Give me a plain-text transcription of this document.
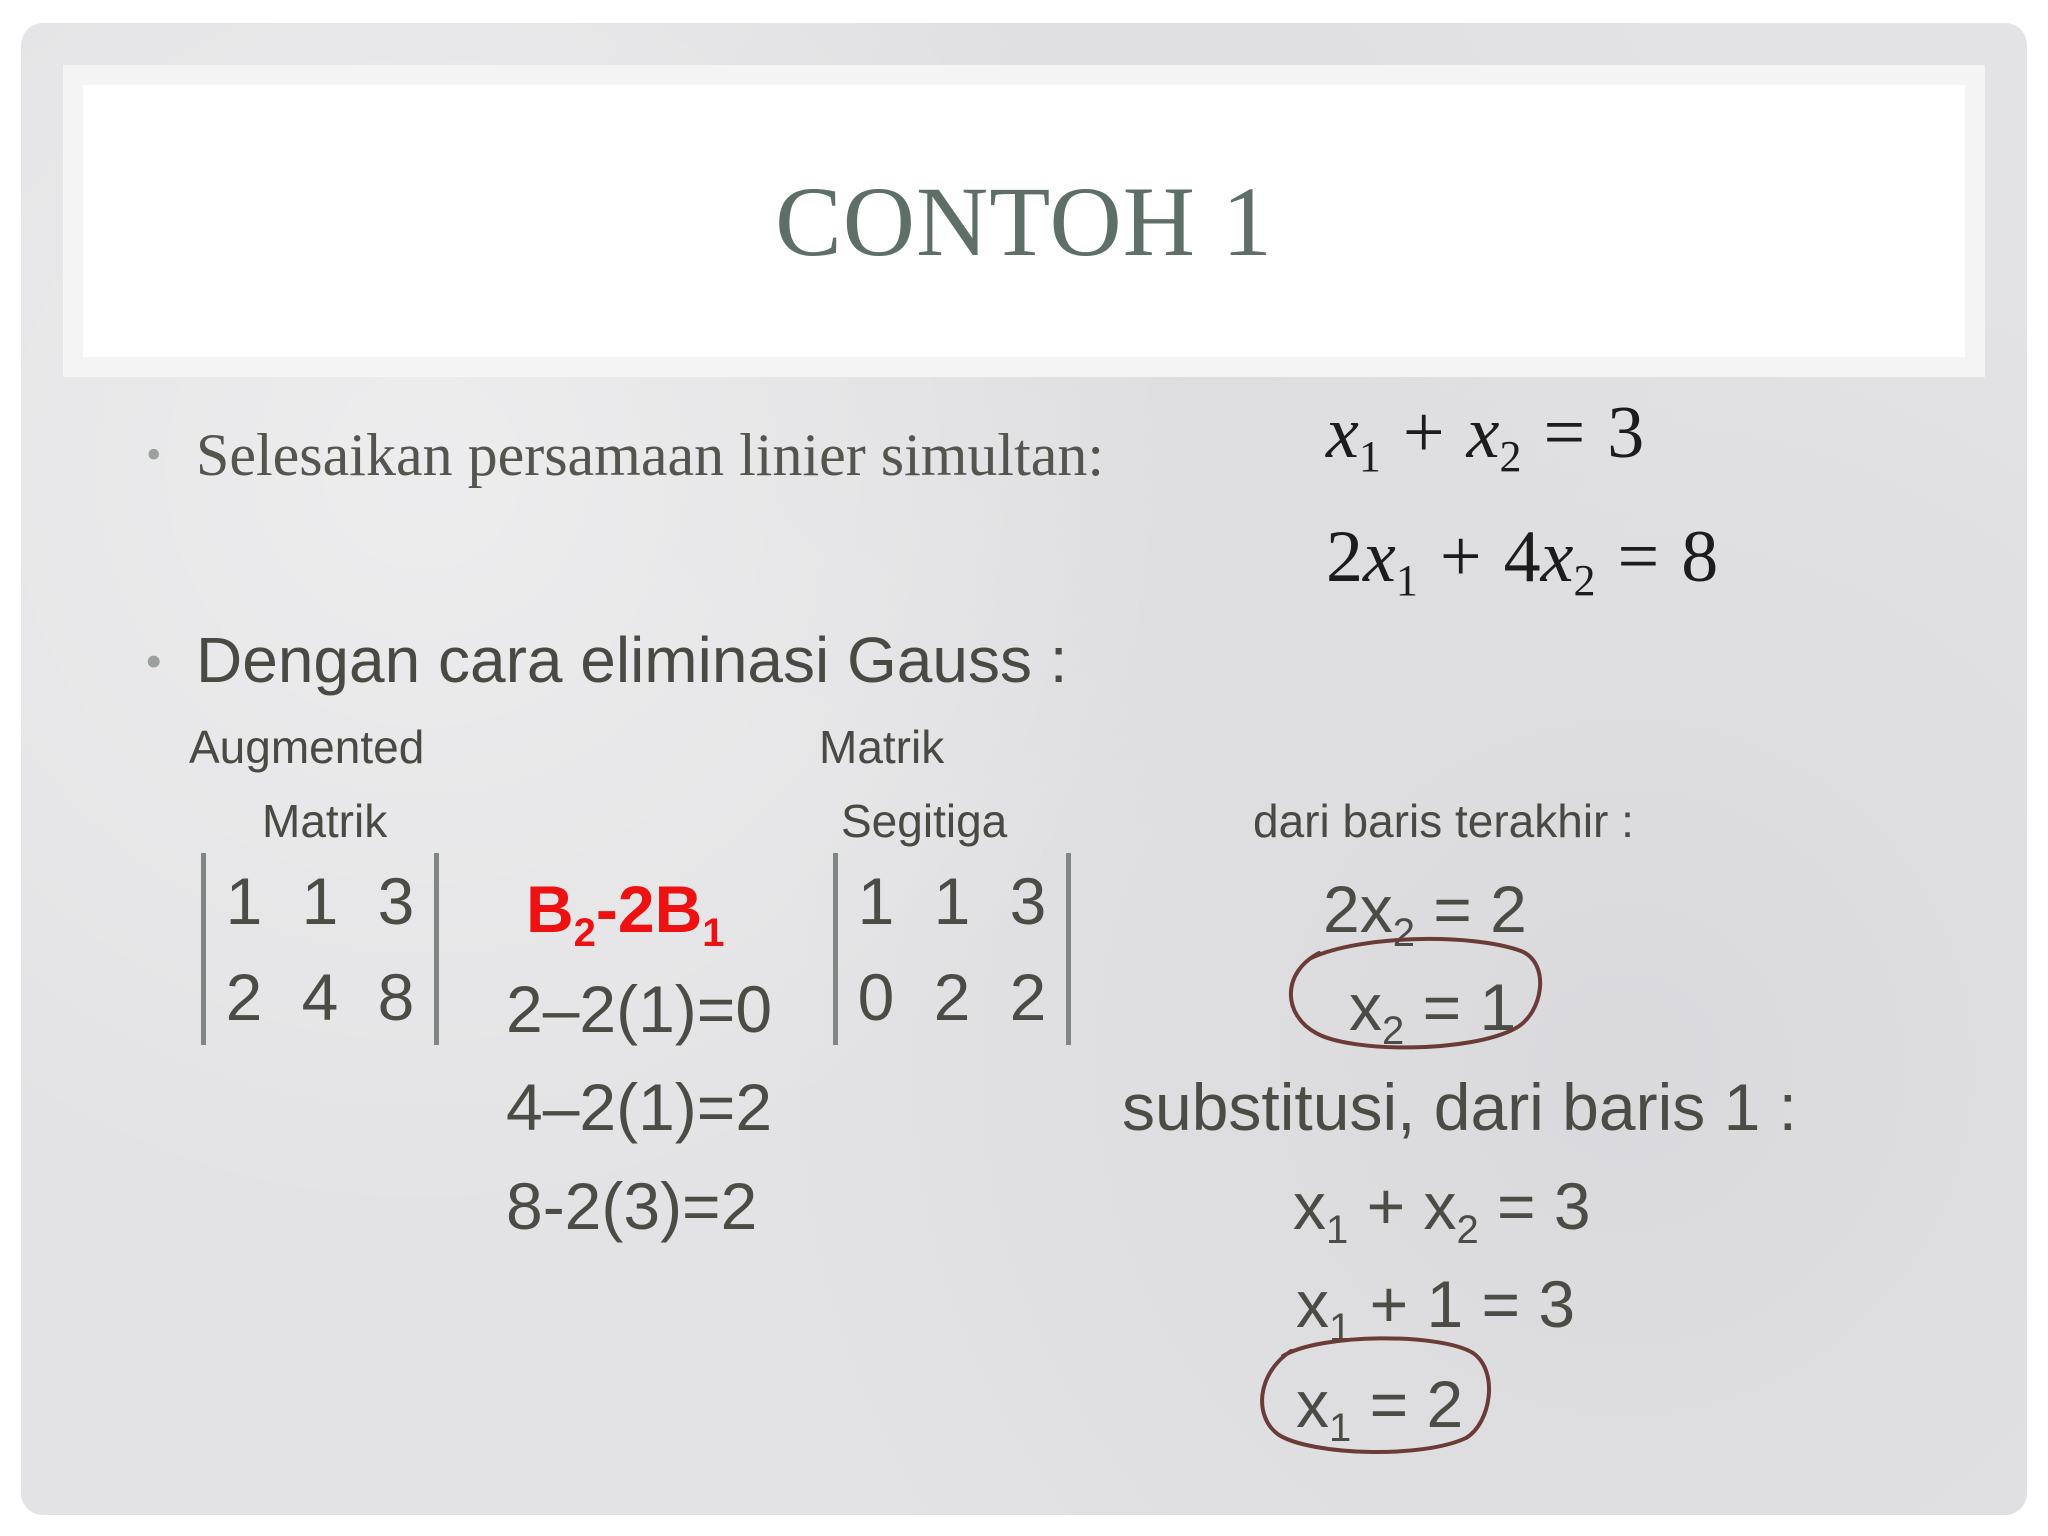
CONTOH 1
• Selesaikan persamaan linier simultan:	$x_1 + x_2 = 3$
$2x_1 + 4x_2 = 8$
• Dengan cara eliminasi Gauss :
Augmented
Matrik
Matrik
Segitiga	dari baris terakhir :
1 1 3
2 4 8
$B_2-2B_1$
2–2(1)=0
4–2(1)=2
8-2(3)=2
1 1 3
0 2 2
$2x_2 = 2$
$x_2 = 1$
substitusi, dari baris 1 :
$x_1 + x_2 = 3$
$x_1 + 1 = 3$
$x_1 = 2$
